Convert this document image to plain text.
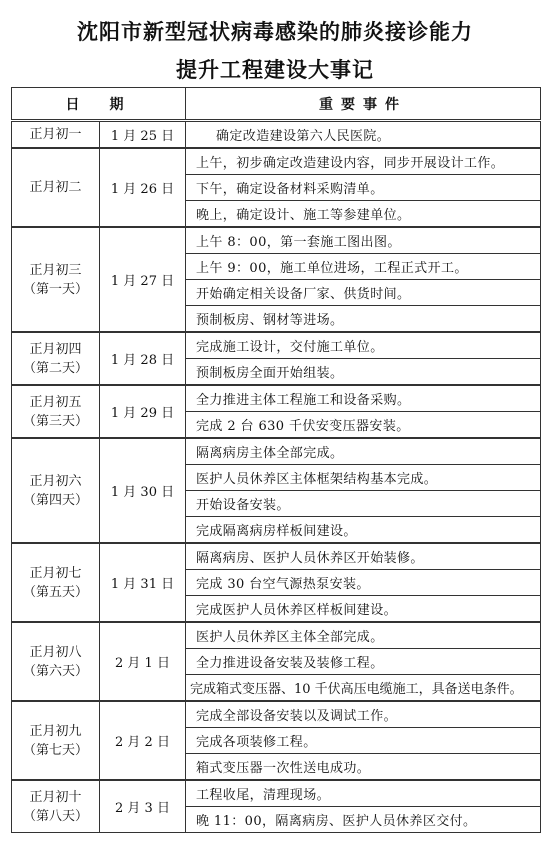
沈阳市新型冠状病毒感染的肺炎接诊能力
提升工程建设大事记
日　期		重要事件

正月初一	1 月 25 日	确定改造建设第六人民医院。

正月初二	1 月 26 日	上午，初步确定改造建设内容，同步开展设计工作。
		下午，确定设备材料采购清单。
		晚上，确定设计、施工等参建单位。

正月初三
（第一天）	1 月 27 日	上午 8：00，第一套施工图出图。
		上午 9：00，施工单位进场，工程正式开工。
		开始确定相关设备厂家、供货时间。
		预制板房、钢材等进场。

正月初四
（第二天）	1 月 28 日	完成施工设计，交付施工单位。
		预制板房全面开始组装。

正月初五
（第三天）	1 月 29 日	全力推进主体工程施工和设备采购。
		完成 2 台 630 千伏安变压器安装。

正月初六
（第四天）	1 月 30 日	隔离病房主体全部完成。
		医护人员休养区主体框架结构基本完成。
		开始设备安装。
		完成隔离病房样板间建设。

正月初七
（第五天）	1 月 31 日	隔离病房、医护人员休养区开始装修。
		完成 30 台空气源热泵安装。
		完成医护人员休养区样板间建设。

正月初八
（第六天）	2 月 1 日	医护人员休养区主体全部完成。
		全力推进设备安装及装修工程。
		完成箱式变压器、10 千伏高压电缆施工，具备送电条件。

正月初九
（第七天）	2 月 2 日	完成全部设备安装以及调试工作。
		完成各项装修工程。
		箱式变压器一次性送电成功。

正月初十
（第八天）	2 月 3 日	工程收尾，清理现场。
		晚 11：00，隔离病房、医护人员休养区交付。
